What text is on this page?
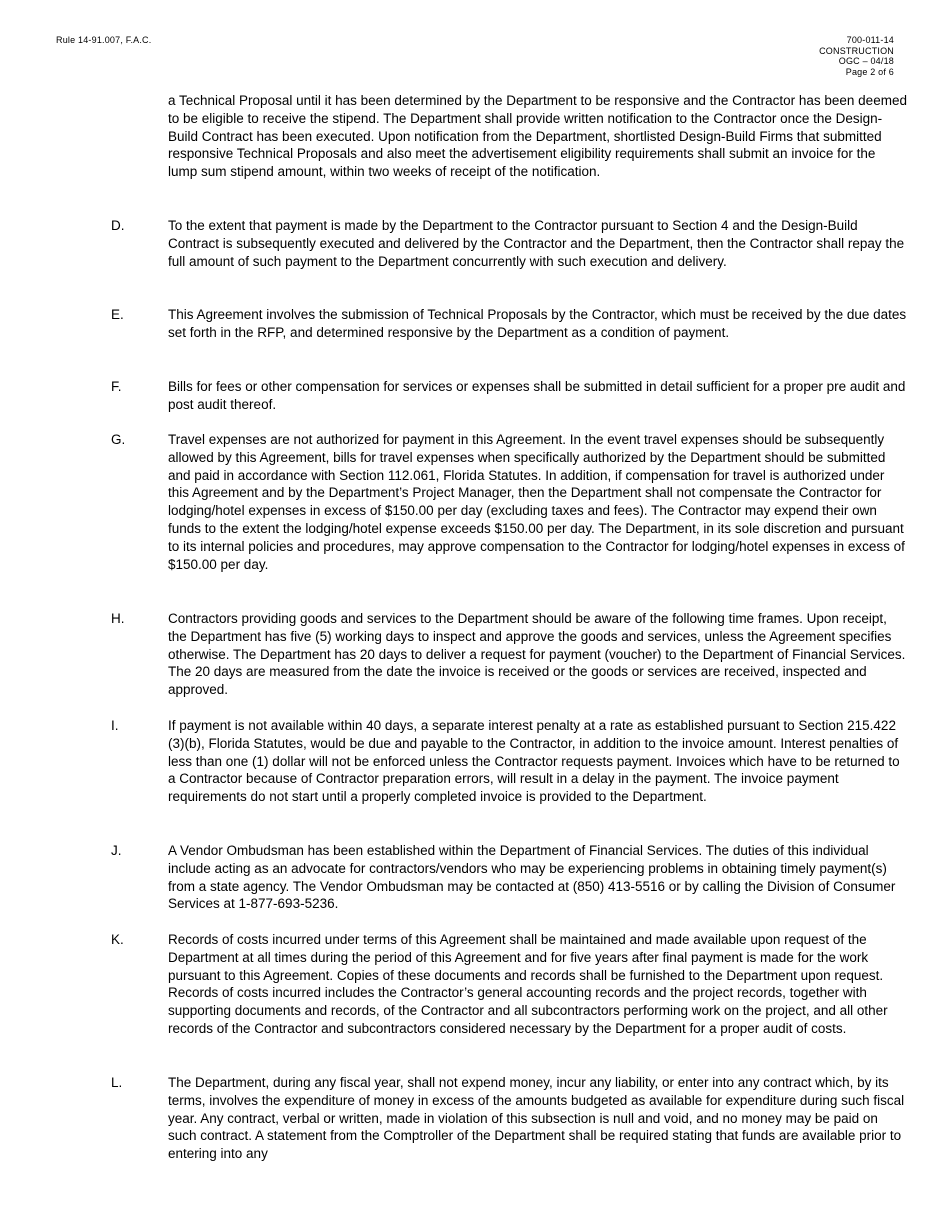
Rule 14-91.007, F.A.C.	700-011-14
CONSTRUCTION
OGC – 04/18
Page 2 of 6

a Technical Proposal until it has been determined by the Department to be responsive and the Contractor has been deemed to be eligible to receive the stipend. The Department shall provide written notification to the Contractor once the Design-Build Contract has been executed. Upon notification from the Department, shortlisted Design-Build Firms that submitted responsive Technical Proposals and also meet the advertisement eligibility requirements shall submit an invoice for the lump sum stipend amount, within two weeks of receipt of the notification.

D.	To the extent that payment is made by the Department to the Contractor pursuant to Section 4 and the Design-Build Contract is subsequently executed and delivered by the Contractor and the Department, then the Contractor shall repay the full amount of such payment to the Department concurrently with such execution and delivery.

E.	This Agreement involves the submission of Technical Proposals by the Contractor, which must be received by the due dates set forth in the RFP, and determined responsive by the Department as a condition of payment.

F.	Bills for fees or other compensation for services or expenses shall be submitted in detail sufficient for a proper pre audit and post audit thereof.

G.	Travel expenses are not authorized for payment in this Agreement. In the event travel expenses should be subsequently allowed by this Agreement, bills for travel expenses when specifically authorized by the Department should be submitted and paid in accordance with Section 112.061, Florida Statutes. In addition, if compensation for travel is authorized under this Agreement and by the Department’s Project Manager, then the Department shall not compensate the Contractor for lodging/hotel expenses in excess of $150.00 per day (excluding taxes and fees). The Contractor may expend their own funds to the extent the lodging/hotel expense exceeds $150.00 per day. The Department, in its sole discretion and pursuant to its internal policies and procedures, may approve compensation to the Contractor for lodging/hotel expenses in excess of $150.00 per day.

H.	Contractors providing goods and services to the Department should be aware of the following time frames. Upon receipt, the Department has five (5) working days to inspect and approve the goods and services, unless the Agreement specifies otherwise. The Department has 20 days to deliver a request for payment (voucher) to the Department of Financial Services. The 20 days are measured from the date the invoice is received or the goods or services are received, inspected and approved.

I.	If payment is not available within 40 days, a separate interest penalty at a rate as established pursuant to Section 215.422 (3)(b), Florida Statutes, would be due and payable to the Contractor, in addition to the invoice amount. Interest penalties of less than one (1) dollar will not be enforced unless the Contractor requests payment. Invoices which have to be returned to a Contractor because of Contractor preparation errors, will result in a delay in the payment. The invoice payment requirements do not start until a properly completed invoice is provided to the Department.

J.	A Vendor Ombudsman has been established within the Department of Financial Services. The duties of this individual include acting as an advocate for contractors/vendors who may be experiencing problems in obtaining timely payment(s) from a state agency. The Vendor Ombudsman may be contacted at (850) 413-5516 or by calling the Division of Consumer Services at 1-877-693-5236.

K.	Records of costs incurred under terms of this Agreement shall be maintained and made available upon request of the Department at all times during the period of this Agreement and for five years after final payment is made for the work pursuant to this Agreement. Copies of these documents and records shall be furnished to the Department upon request. Records of costs incurred includes the Contractor’s general accounting records and the project records, together with supporting documents and records, of the Contractor and all subcontractors performing work on the project, and all other records of the Contractor and subcontractors considered necessary by the Department for a proper audit of costs.

L.	The Department, during any fiscal year, shall not expend money, incur any liability, or enter into any contract which, by its terms, involves the expenditure of money in excess of the amounts budgeted as available for expenditure during such fiscal year. Any contract, verbal or written, made in violation of this subsection is null and void, and no money may be paid on such contract. A statement from the Comptroller of the Department shall be required stating that funds are available prior to entering into any
